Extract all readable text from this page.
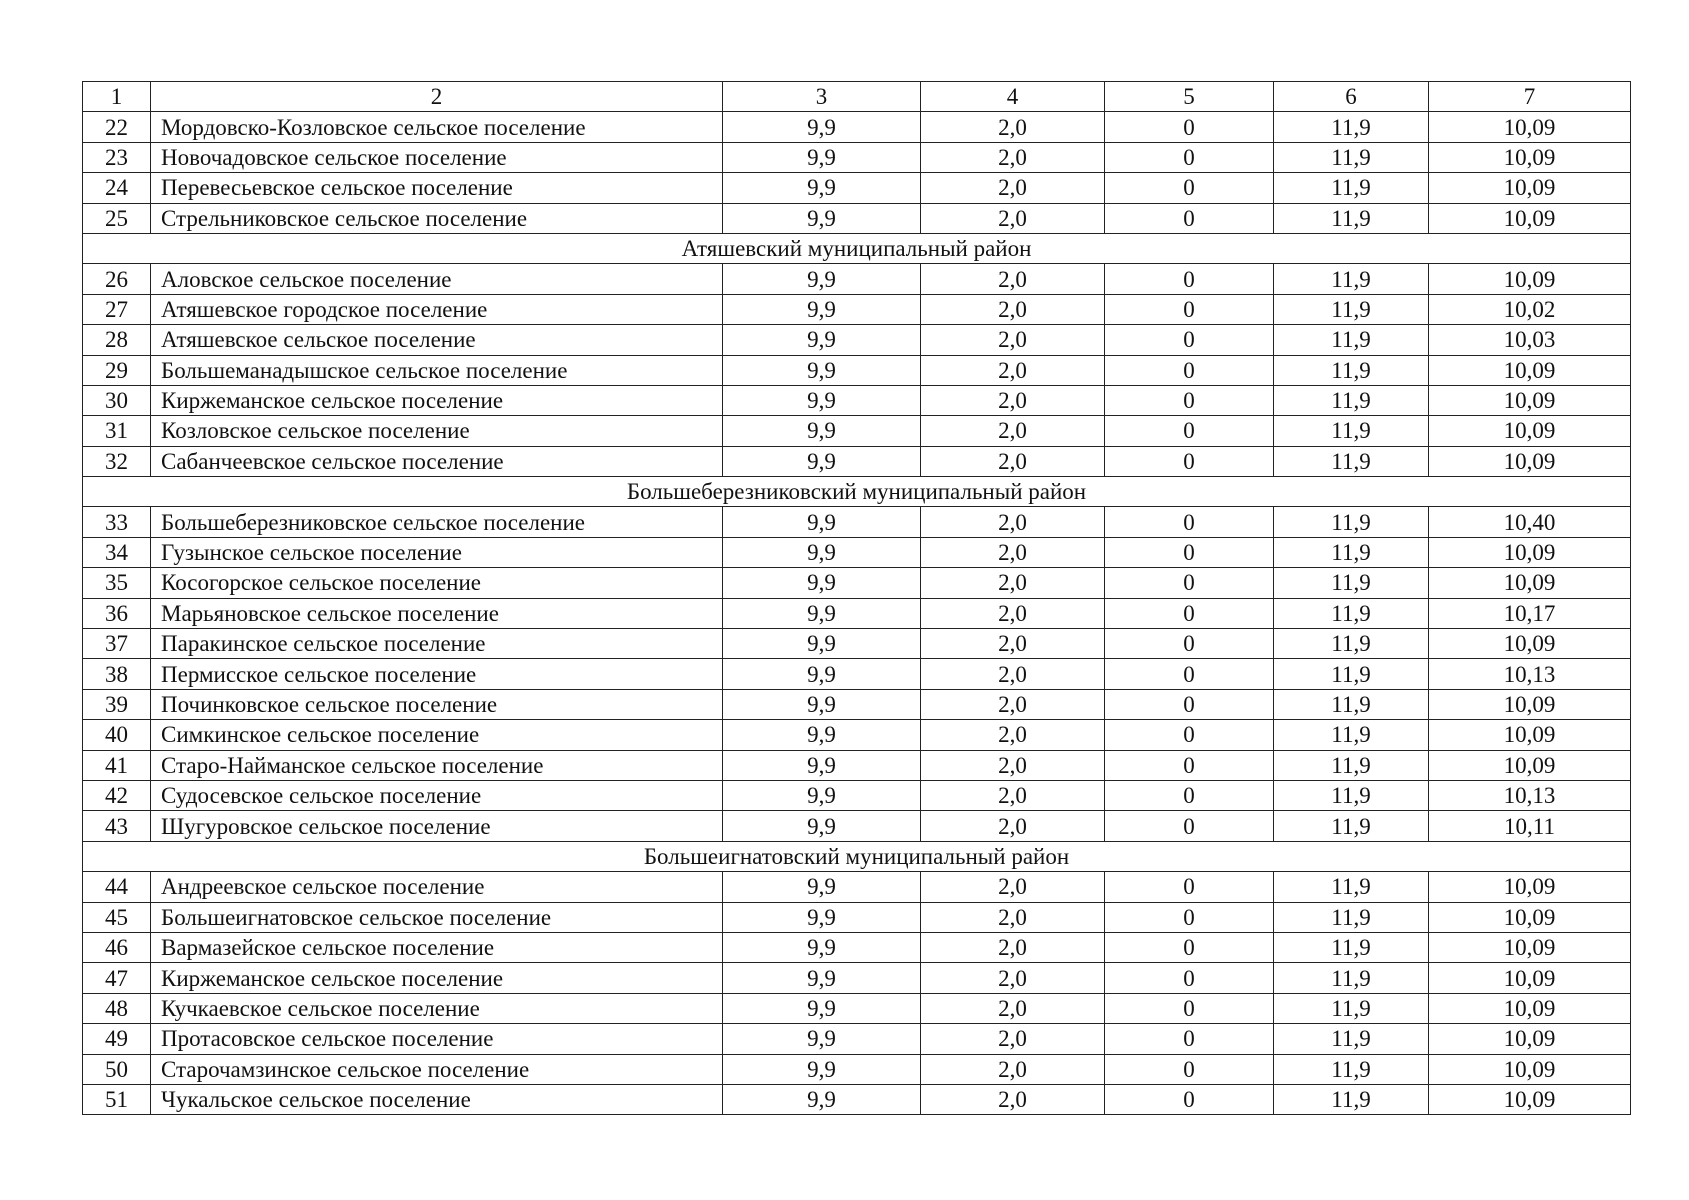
1	2	3	4	5	6	7
22	Мордовско-Козловское сельское поселение	9,9	2,0	0	11,9	10,09
23	Новочадовское сельское поселение	9,9	2,0	0	11,9	10,09
24	Перевесьевское сельское поселение	9,9	2,0	0	11,9	10,09
25	Стрельниковское сельское поселение	9,9	2,0	0	11,9	10,09
Атяшевский муниципальный район						
26	Аловское сельское поселение	9,9	2,0	0	11,9	10,09
27	Атяшевское городское поселение	9,9	2,0	0	11,9	10,02
28	Атяшевское сельское поселение	9,9	2,0	0	11,9	10,03
29	Большеманадышское сельское поселение	9,9	2,0	0	11,9	10,09
30	Киржеманское сельское поселение	9,9	2,0	0	11,9	10,09
31	Козловское сельское поселение	9,9	2,0	0	11,9	10,09
32	Сабанчеевское сельское поселение	9,9	2,0	0	11,9	10,09
Большеберезниковский муниципальный район						
33	Большеберезниковское сельское поселение	9,9	2,0	0	11,9	10,40
34	Гузынское сельское поселение	9,9	2,0	0	11,9	10,09
35	Косогорское сельское поселение	9,9	2,0	0	11,9	10,09
36	Марьяновское сельское поселение	9,9	2,0	0	11,9	10,17
37	Паракинское сельское поселение	9,9	2,0	0	11,9	10,09
38	Пермисское сельское поселение	9,9	2,0	0	11,9	10,13
39	Починковское сельское поселение	9,9	2,0	0	11,9	10,09
40	Симкинское сельское поселение	9,9	2,0	0	11,9	10,09
41	Старо-Найманское сельское поселение	9,9	2,0	0	11,9	10,09
42	Судосевское сельское поселение	9,9	2,0	0	11,9	10,13
43	Шугуровское сельское поселение	9,9	2,0	0	11,9	10,11
Большеигнатовский муниципальный район						
44	Андреевское сельское поселение	9,9	2,0	0	11,9	10,09
45	Большеигнатовское сельское поселение	9,9	2,0	0	11,9	10,09
46	Вармазейское сельское поселение	9,9	2,0	0	11,9	10,09
47	Киржеманское сельское поселение	9,9	2,0	0	11,9	10,09
48	Кучкаевское сельское поселение	9,9	2,0	0	11,9	10,09
49	Протасовское сельское поселение	9,9	2,0	0	11,9	10,09
50	Старочамзинское сельское поселение	9,9	2,0	0	11,9	10,09
51	Чукальское сельское поселение	9,9	2,0	0	11,9	10,09
